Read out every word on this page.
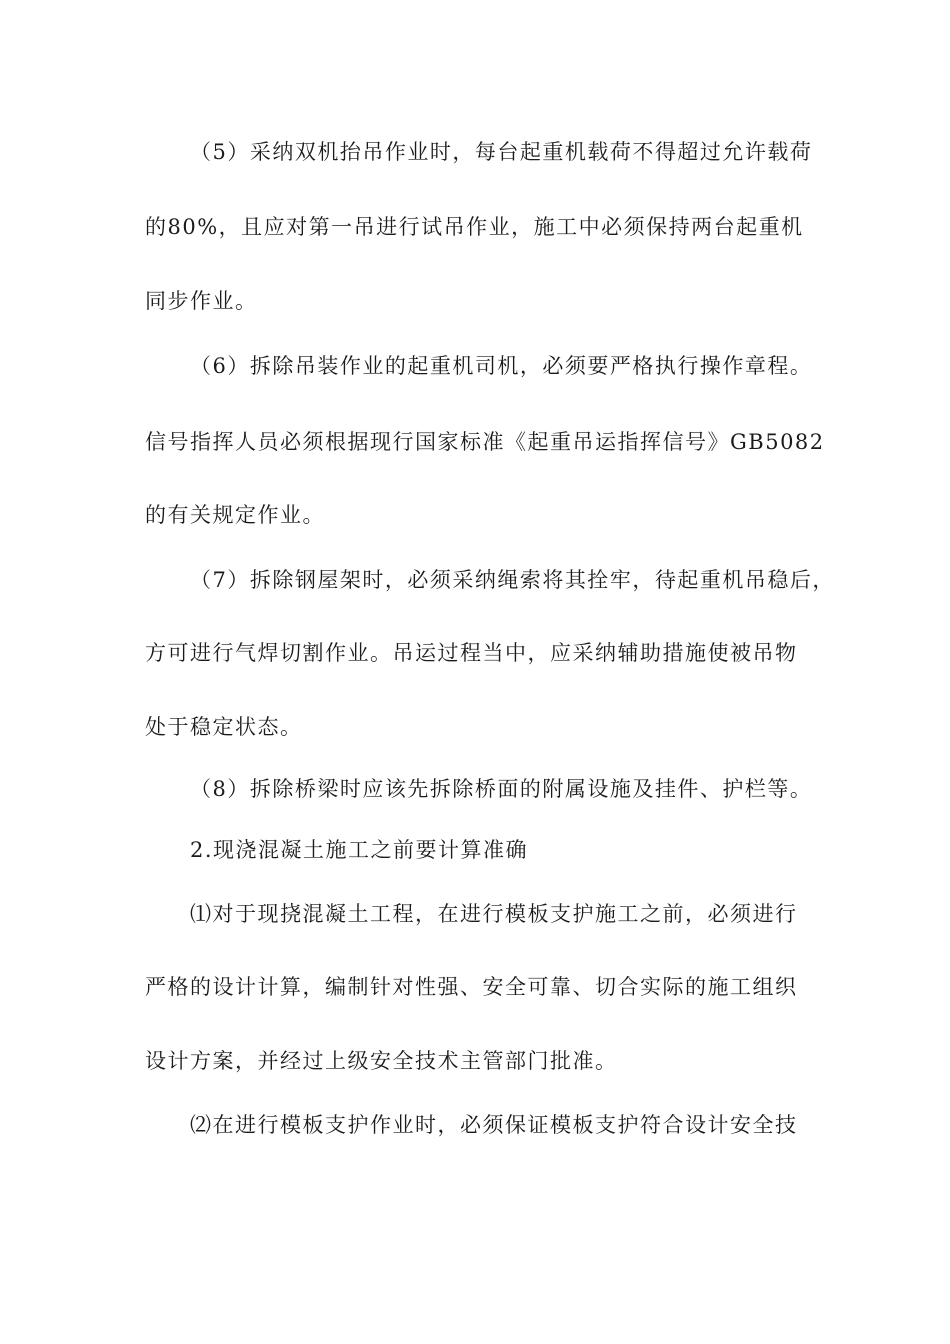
（5）采纳双机抬吊作业时，每台起重机载荷不得超过允许载荷
的80%，且应对第一吊进行试吊作业，施工中必须保持两台起重机
同步作业。
（6）拆除吊装作业的起重机司机，必须要严格执行操作章程。
信号指挥人员必须根据现行国家标准《起重吊运指挥信号》GB5082
的有关规定作业。
（7）拆除钢屋架时，必须采纳绳索将其拴牢，待起重机吊稳后，
方可进行气焊切割作业。吊运过程当中，应采纳辅助措施使被吊物
处于稳定状态。
（8）拆除桥梁时应该先拆除桥面的附属设施及挂件、护栏等。
2.现浇混凝土施工之前要计算准确
⑴对于现挠混凝土工程，在进行模板支护施工之前，必须进行
严格的设计计算，编制针对性强、安全可靠、切合实际的施工组织
设计方案，并经过上级安全技术主管部门批准。
⑵在进行模板支护作业时，必须保证模板支护符合设计安全技
